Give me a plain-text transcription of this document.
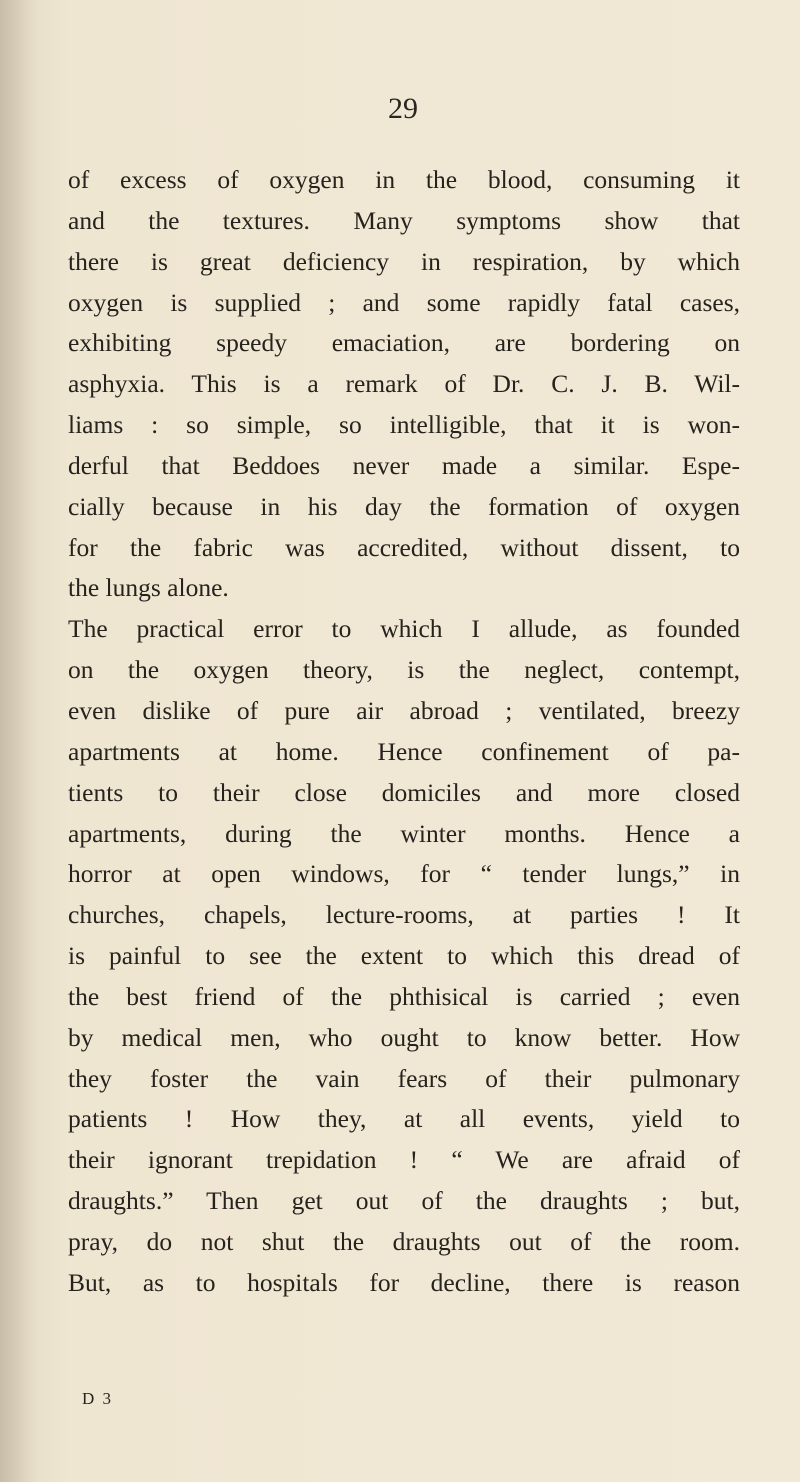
29
of excess of oxygen in the blood, consuming it
and the textures. Many symptoms show that
there is great deficiency in respiration, by which
oxygen is supplied ; and some rapidly fatal cases,
exhibiting speedy emaciation, are bordering on
asphyxia. This is a remark of Dr. C. J. B. Wil-
liams : so simple, so intelligible, that it is won-
derful that Beddoes never made a similar. Espe-
cially because in his day the formation of oxygen
for the fabric was accredited, without dissent, to
the lungs alone.
The practical error to which I allude, as founded
on the oxygen theory, is the neglect, contempt,
even dislike of pure air abroad ; ventilated, breezy
apartments at home. Hence confinement of pa-
tients to their close domiciles and more closed
apartments, during the winter months. Hence a
horror at open windows, for “ tender lungs,” in
churches, chapels, lecture-rooms, at parties ! It
is painful to see the extent to which this dread of
the best friend of the phthisical is carried ; even
by medical men, who ought to know better. How
they foster the vain fears of their pulmonary
patients ! How they, at all events, yield to
their ignorant trepidation ! “ We are afraid of
draughts.” Then get out of the draughts ; but,
pray, do not shut the draughts out of the room.
But, as to hospitals for decline, there is reason
D 3
